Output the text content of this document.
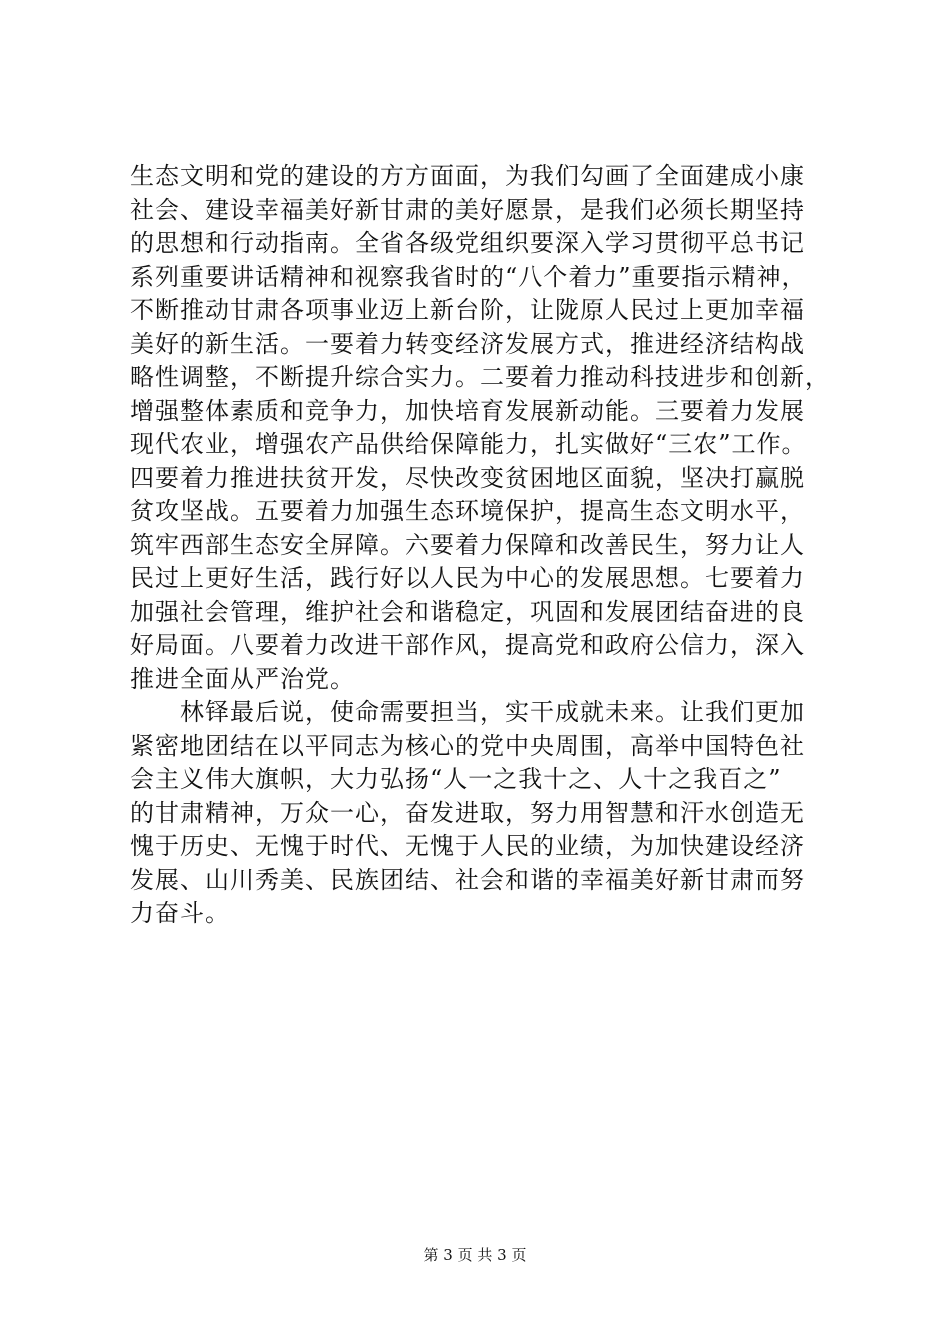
生态文明和党的建设的方方面面，为我们勾画了全面建成小康
社会、建设幸福美好新甘肃的美好愿景，是我们必须长期坚持
的思想和行动指南。全省各级党组织要深入学习贯彻平总书记
系列重要讲话精神和视察我省时的“八个着力”重要指示精神，
不断推动甘肃各项事业迈上新台阶，让陇原人民过上更加幸福
美好的新生活。一要着力转变经济发展方式，推进经济结构战
略性调整，不断提升综合实力。二要着力推动科技进步和创新，
增强整体素质和竞争力，加快培育发展新动能。三要着力发展
现代农业，增强农产品供给保障能力，扎实做好“三农”工作。
四要着力推进扶贫开发，尽快改变贫困地区面貌，坚决打赢脱
贫攻坚战。五要着力加强生态环境保护，提高生态文明水平，
筑牢西部生态安全屏障。六要着力保障和改善民生，努力让人
民过上更好生活，践行好以人民为中心的发展思想。七要着力
加强社会管理，维护社会和谐稳定，巩固和发展团结奋进的良
好局面。八要着力改进干部作风，提高党和政府公信力，深入
推进全面从严治党。
　　林铎最后说，使命需要担当，实干成就未来。让我们更加
紧密地团结在以平同志为核心的党中央周围，高举中国特色社
会主义伟大旗帜，大力弘扬“人一之我十之、人十之我百之”
的甘肃精神，万众一心，奋发进取，努力用智慧和汗水创造无
愧于历史、无愧于时代、无愧于人民的业绩，为加快建设经济
发展、山川秀美、民族团结、社会和谐的幸福美好新甘肃而努
力奋斗。
第 3 页 共 3 页
